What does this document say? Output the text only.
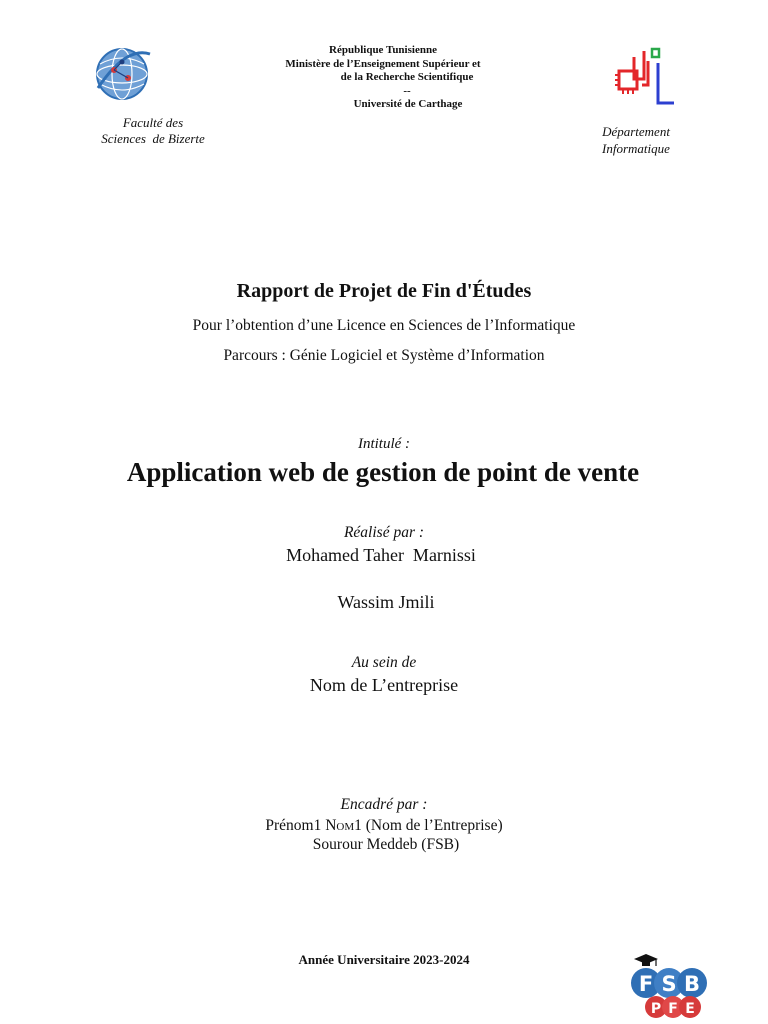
Faculté des
Sciences  de Bizerte
République Tunisienne
Ministère de l’Enseignement Supérieur et
de la Recherche Scientifique
--
Université de Carthage
Département
Informatique
Rapport de Projet de Fin d'Études
Pour l’obtention d’une Licence en Sciences de l’Informatique
Parcours : Génie Logiciel et Système d’Information
Intitulé :
Application web de gestion de point de vente
Réalisé par :
Mohamed Taher  Marnissi
Wassim Jmili
Au sein de
Nom de L’entreprise
Encadré par :
Prénom1 Nom1 (Nom de l’Entreprise)
Sourour Meddeb (FSB)
Année Universitaire 2023-2024
F S B
P F E
